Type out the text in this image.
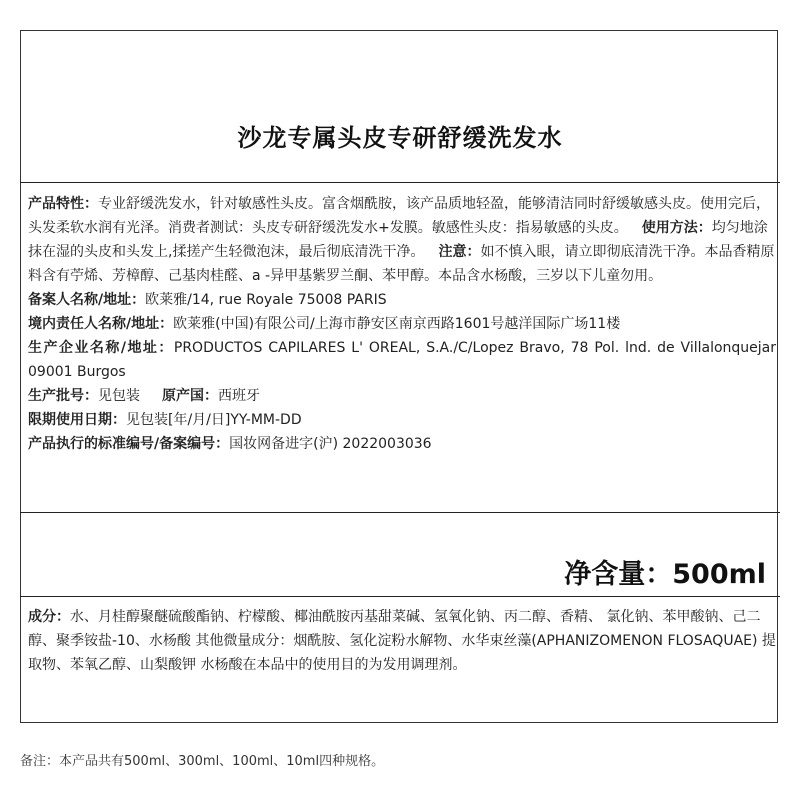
沙龙专属头皮专研舒缓洗发水

产品特性：专业舒缓洗发水，针对敏感性头皮。富含烟酰胺，该产品质地轻盈，能够清洁同时舒缓敏感头皮。使用完后，头发柔软水润有光泽。消费者测试：头皮专研舒缓洗发水+发膜。敏感性头皮：指易敏感的头皮。 使用方法：均匀地涂抹在湿的头皮和头发上,揉搓产生轻微泡沫，最后彻底清洗干净。 注意：如不慎入眼，请立即彻底清洗干净。本品香精原料含有苧烯、芳樟醇、己基肉桂醛、a -异甲基紫罗兰酮、苯甲醇。本品含水杨酸，三岁以下儿童勿用。

备案人名称/地址：欧莱雅/14, rue Royale 75008 PARIS

境内责任人名称/地址：欧莱雅(中国)有限公司/上海市静安区南京西路1601号越洋国际广场11楼

生产企业名称/地址：PRODUCTOS CAPILARES L' OREAL, S.A./C/Lopez Bravo, 78 Pol. lnd. de Villalonquejar 09001 Burgos

生产批号：见包装 原产国：西班牙

限期使用日期：见包装[年/月/日]YY-MM-DD

产品执行的标准编号/备案编号：国妆网备进字(沪) 2022003036

净含量：500ml

成分：水、月桂醇聚醚硫酸酯钠、柠檬酸、椰油酰胺丙基甜菜碱、氢氧化钠、丙二醇、香精、 氯化钠、苯甲酸钠、己二醇、聚季铵盐-10、水杨酸 其他微量成分：烟酰胺、氢化淀粉水解物、水华束丝藻(APHANIZOMENON FLOSAQUAE) 提取物、苯氧乙醇、山梨酸钾 水杨酸在本品中的使用目的为发用调理剂。

备注：本产品共有500ml、300ml、100ml、10ml四种规格。
